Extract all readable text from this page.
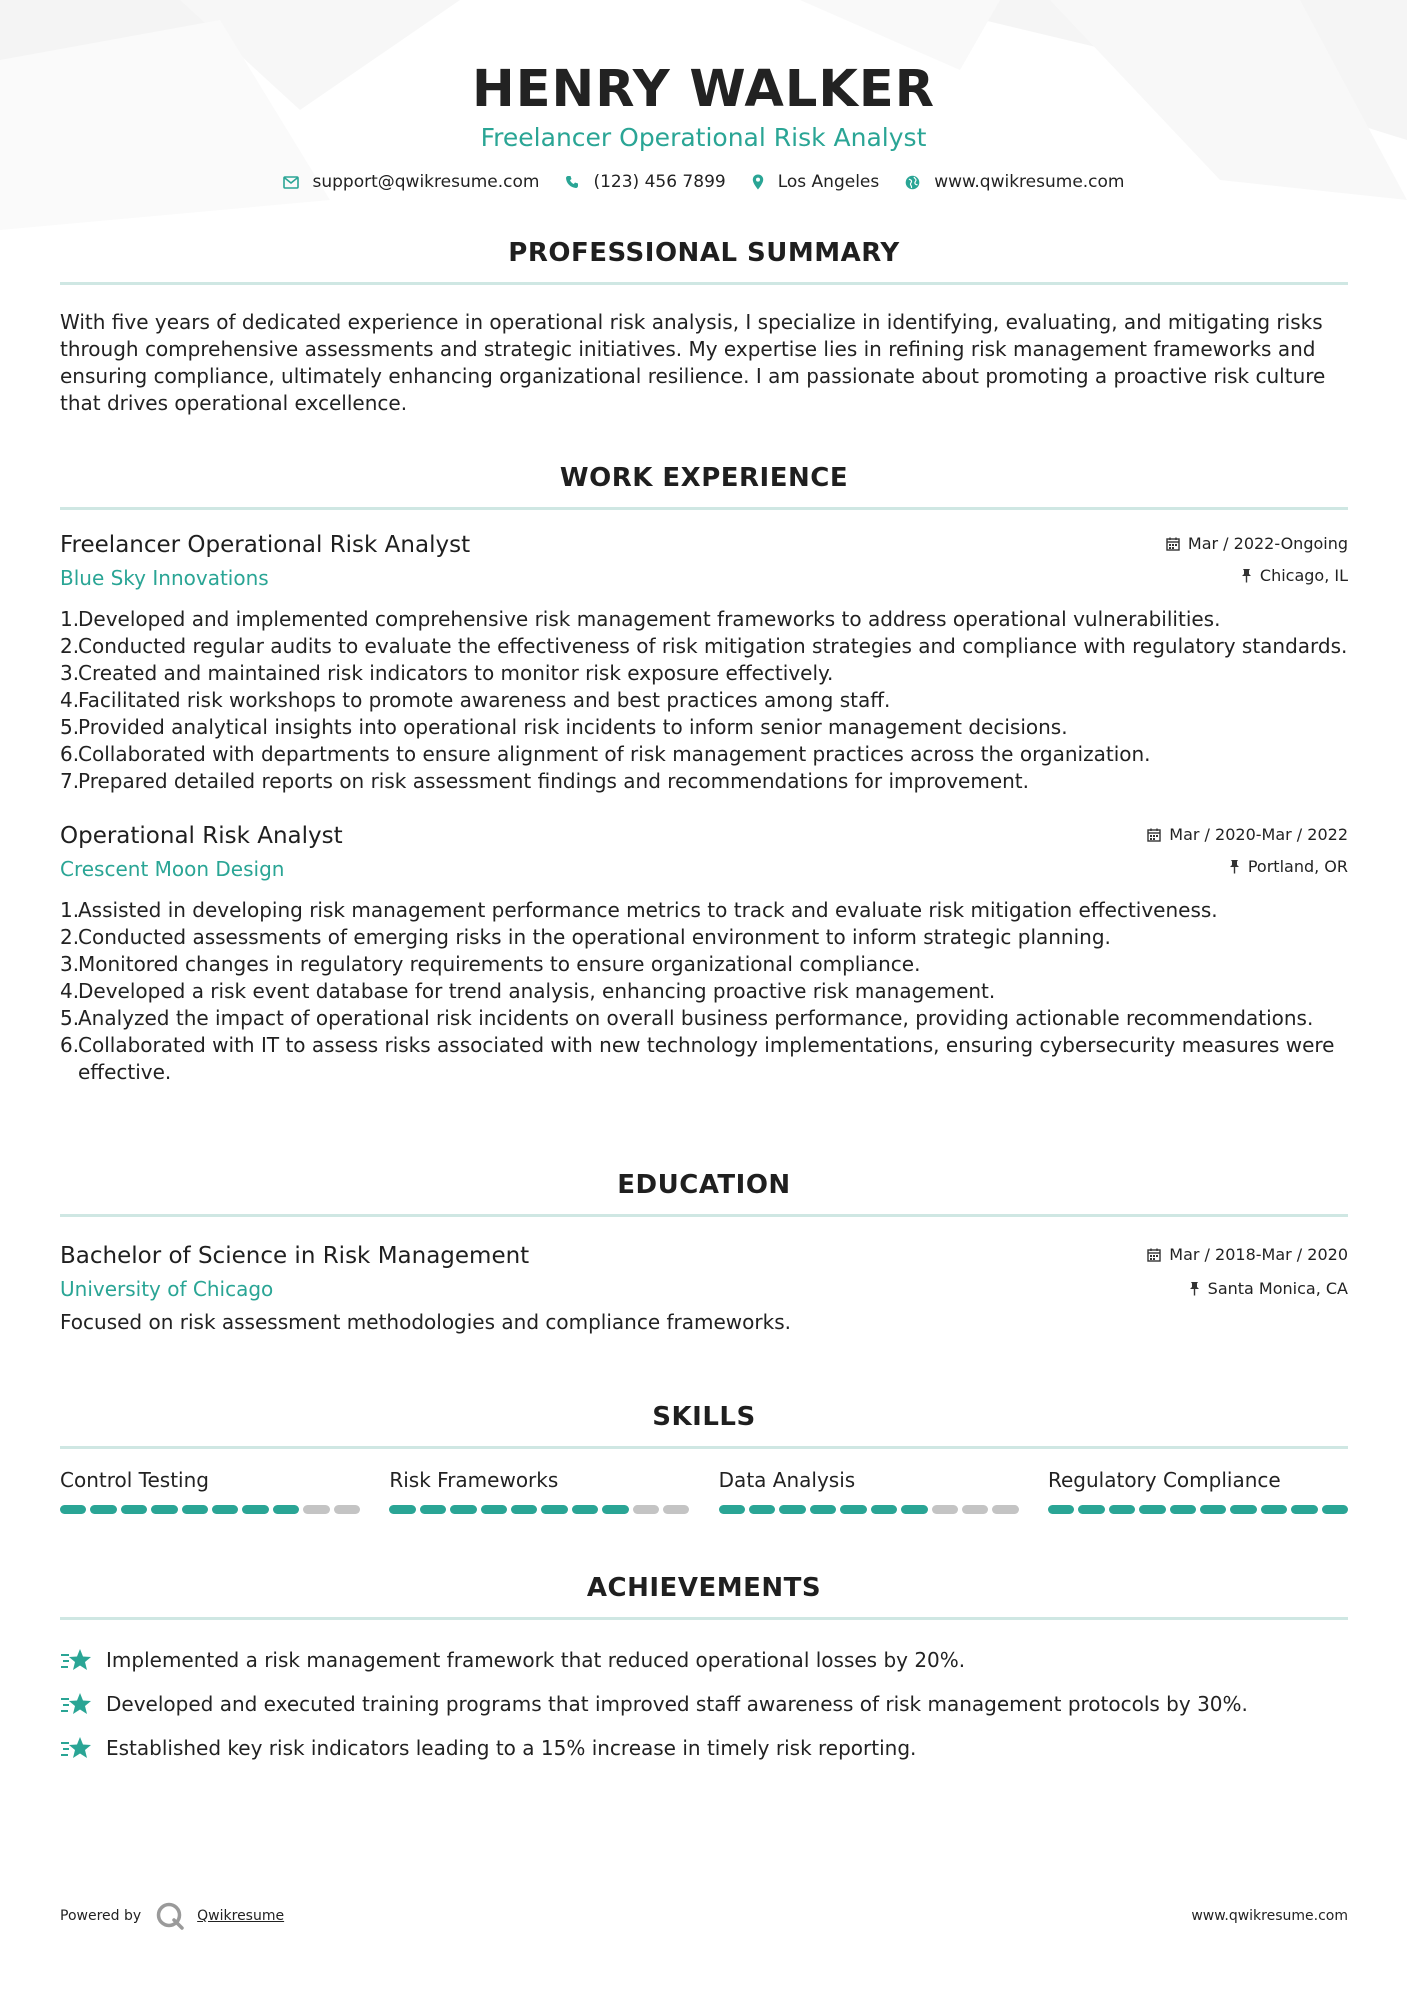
HENRY WALKER
Freelancer Operational Risk Analyst
support@qwikresume.com	(123) 456 7899	Los Angeles	www.qwikresume.com
PROFESSIONAL SUMMARY
With five years of dedicated experience in operational risk analysis, I specialize in identifying, evaluating, and mitigating risks through comprehensive assessments and strategic initiatives. My expertise lies in refining risk management frameworks and ensuring compliance, ultimately enhancing organizational resilience. I am passionate about promoting a proactive risk culture that drives operational excellence.
WORK EXPERIENCE
Freelancer Operational Risk Analyst
Blue Sky Innovations
Mar / 2022-Ongoing
Chicago, IL
1.
Developed and implemented comprehensive risk management frameworks to address operational vulnerabilities.
2.
Conducted regular audits to evaluate the effectiveness of risk mitigation strategies and compliance with regulatory standards.
3.
Created and maintained risk indicators to monitor risk exposure effectively.
4.
Facilitated risk workshops to promote awareness and best practices among staff.
5.
Provided analytical insights into operational risk incidents to inform senior management decisions.
6.
Collaborated with departments to ensure alignment of risk management practices across the organization.
7.
Prepared detailed reports on risk assessment findings and recommendations for improvement.
Operational Risk Analyst
Crescent Moon Design
Mar / 2020-Mar / 2022
Portland, OR
1.
Assisted in developing risk management performance metrics to track and evaluate risk mitigation effectiveness.
2.
Conducted assessments of emerging risks in the operational environment to inform strategic planning.
3.
Monitored changes in regulatory requirements to ensure organizational compliance.
4.
Developed a risk event database for trend analysis, enhancing proactive risk management.
5.
Analyzed the impact of operational risk incidents on overall business performance, providing actionable recommendations.
6.
Collaborated with IT to assess risks associated with new technology implementations, ensuring cybersecurity measures were effective.
EDUCATION
Bachelor of Science in Risk Management
University of Chicago
Mar / 2018-Mar / 2020
Santa Monica, CA
Focused on risk assessment methodologies and compliance frameworks.
SKILLS
Control Testing	Risk Frameworks	Data Analysis	Regulatory Compliance
ACHIEVEMENTS
Implemented a risk management framework that reduced operational losses by 20%.
Developed and executed training programs that improved staff awareness of risk management protocols by 30%.
Established key risk indicators leading to a 15% increase in timely risk reporting.
Powered by	Qwikresume	www.qwikresume.com
